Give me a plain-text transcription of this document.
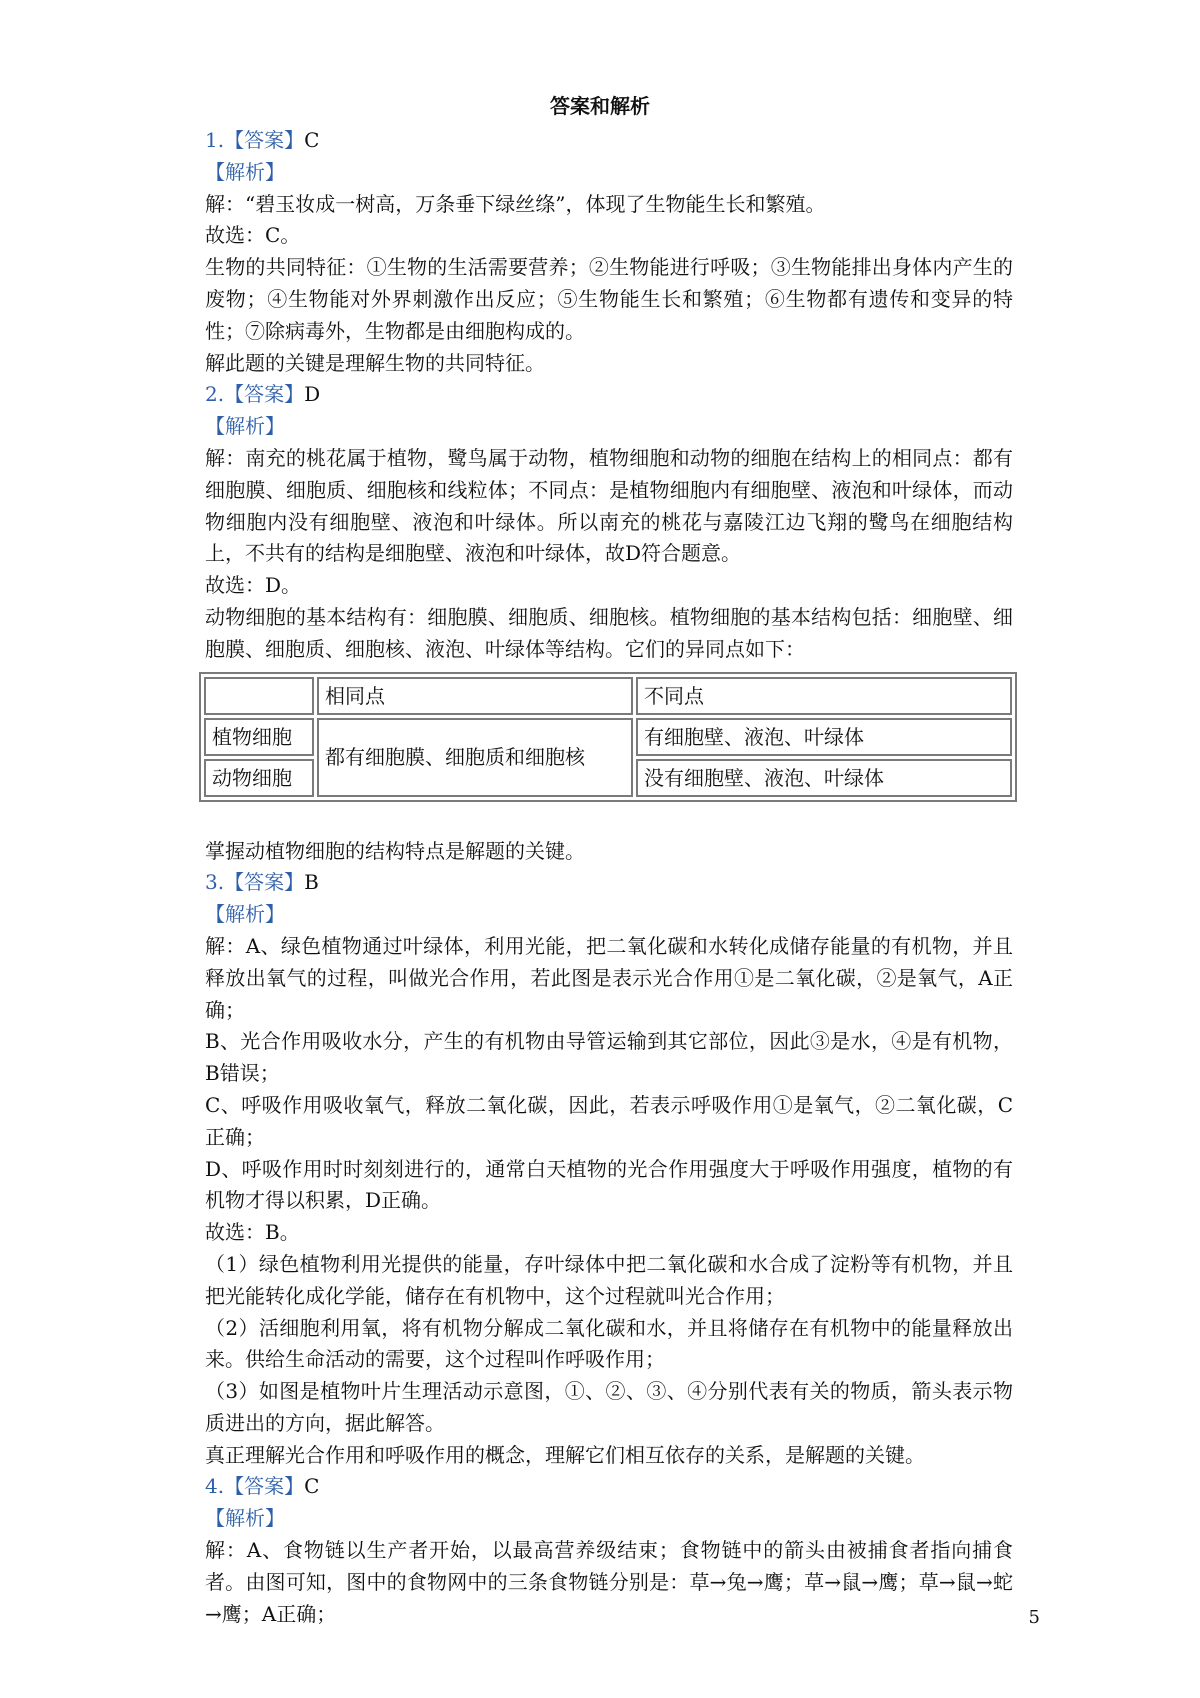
答案和解析

1.【答案】C

【解析】

解：“碧玉妆成一树高，万条垂下绿丝绦”，体现了生物能生长和繁殖。

故选：C。

生物的共同特征：①生物的生活需要营养；②生物能进行呼吸；③生物能排出身体内产生的废物；④生物能对外界刺激作出反应；⑤生物能生长和繁殖；⑥生物都有遗传和变异的特性；⑦除病毒外，生物都是由细胞构成的。

解此题的关键是理解生物的共同特征。

2.【答案】D

【解析】

解：南充的桃花属于植物，鹭鸟属于动物，植物细胞和动物的细胞在结构上的相同点：都有细胞膜、细胞质、细胞核和线粒体；不同点：是植物细胞内有细胞壁、液泡和叶绿体，而动物细胞内没有细胞壁、液泡和叶绿体。所以南充的桃花与嘉陵江边飞翔的鹭鸟在细胞结构上，不共有的结构是细胞壁、液泡和叶绿体，故D符合题意。

故选：D。

动物细胞的基本结构有：细胞膜、细胞质、细胞核。植物细胞的基本结构包括：细胞壁、细胞膜、细胞质、细胞核、液泡、叶绿体等结构。它们的异同点如下：

	相同点	不同点
植物细胞	都有细胞膜、细胞质和细胞核	有细胞壁、液泡、叶绿体
动物细胞		没有细胞壁、液泡、叶绿体

掌握动植物细胞的结构特点是解题的关键。

3.【答案】B

【解析】

解：A、绿色植物通过叶绿体，利用光能，把二氧化碳和水转化成储存能量的有机物，并且释放出氧气的过程，叫做光合作用，若此图是表示光合作用①是二氧化碳，②是氧气，A正确；

B、光合作用吸收水分，产生的有机物由导管运输到其它部位，因此③是水，④是有机物，B错误；

C、呼吸作用吸收氧气，释放二氧化碳，因此，若表示呼吸作用①是氧气，②二氧化碳，C正确；

D、呼吸作用时时刻刻进行的，通常白天植物的光合作用强度大于呼吸作用强度，植物的有机物才得以积累，D正确。

故选：B。

（1）绿色植物利用光提供的能量，存叶绿体中把二氧化碳和水合成了淀粉等有机物，并且把光能转化成化学能，储存在有机物中，这个过程就叫光合作用；

（2）活细胞利用氧，将有机物分解成二氧化碳和水，并且将储存在有机物中的能量释放出来。供给生命活动的需要，这个过程叫作呼吸作用；

（3）如图是植物叶片生理活动示意图，①、②、③、④分别代表有关的物质，箭头表示物质进出的方向，据此解答。

真正理解光合作用和呼吸作用的概念，理解它们相互依存的关系，是解题的关键。

4.【答案】C

【解析】

解：A、食物链以生产者开始，以最高营养级结束；食物链中的箭头由被捕食者指向捕食者。由图可知，图中的食物网中的三条食物链分别是：草→兔→鹰；草→鼠→鹰；草→鼠→蛇→鹰；A正确；	5
